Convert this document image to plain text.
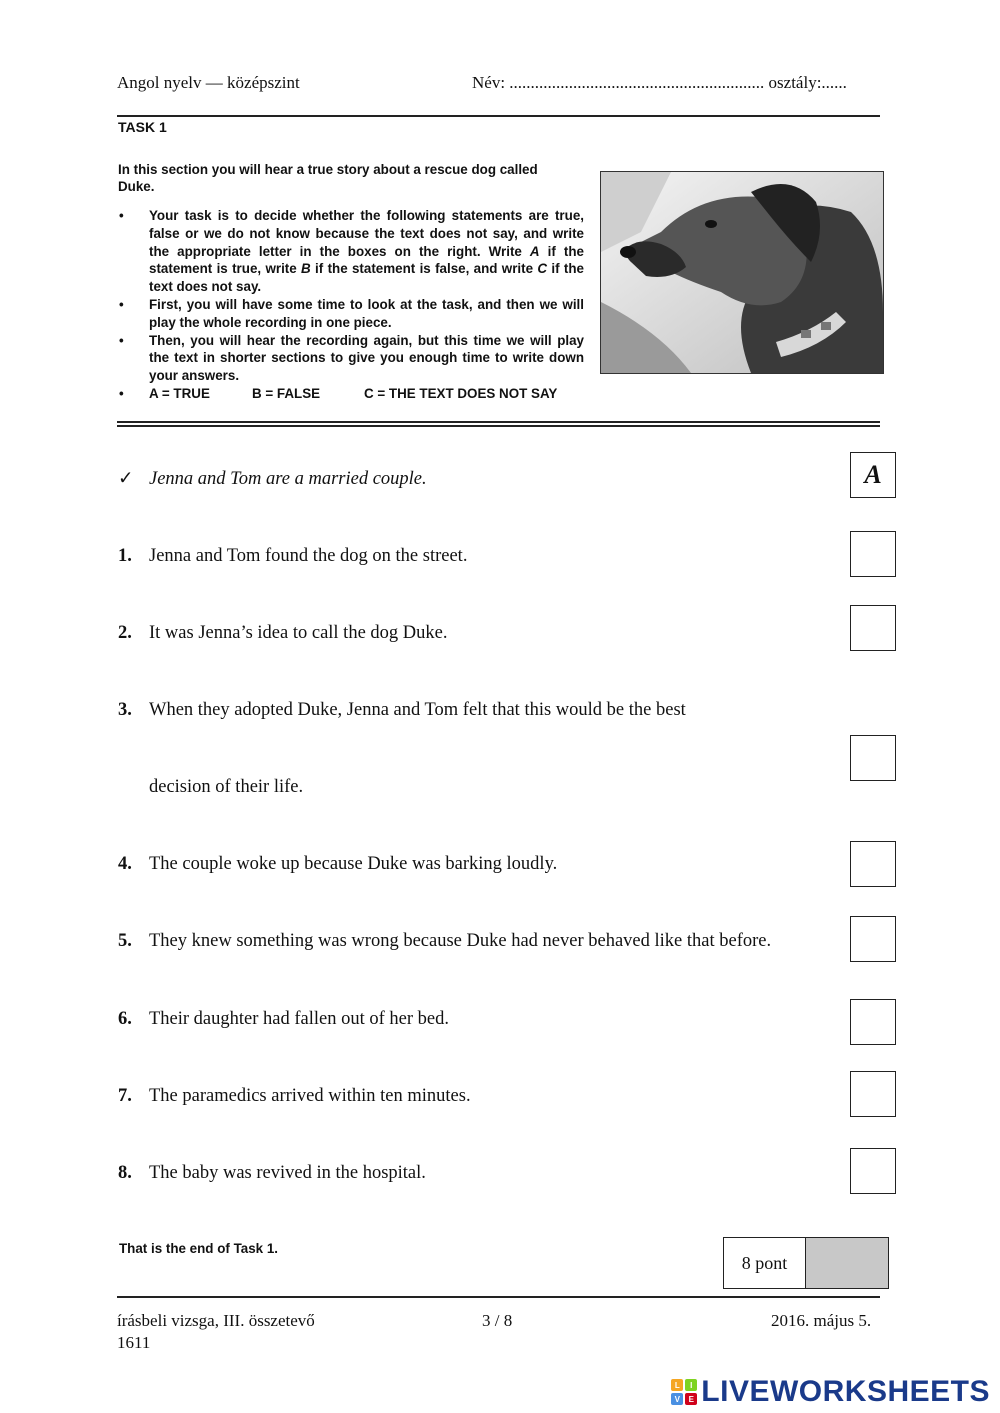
Angol nyelv — középszint	Név: ............................................................ osztály:......
TASK 1
In this section you will hear a true story about a rescue dog called Duke.
• Your task is to decide whether the following statements are true, false or we do not know because the text does not say, and write the appropriate letter in the boxes on the right. Write A if the statement is true, write B if the statement is false, and write C if the text does not say.
• First, you will have some time to look at the task, and then we will play the whole recording in one piece.
• Then, you will hear the recording again, but this time we will play the text in shorter sections to give you enough time to write down your answers.
• A = TRUE	B = FALSE	C = THE TEXT DOES NOT SAY
✓ Jenna and Tom are a married couple.	A
1. Jenna and Tom found the dog on the street.
2. It was Jenna’s idea to call the dog Duke.
3. When they adopted Duke, Jenna and Tom felt that this would be the best
decision of their life.
4. The couple woke up because Duke was barking loudly.
5. They knew something was wrong because Duke had never behaved like that before.
6. Their daughter had fallen out of her bed.
7. The paramedics arrived within ten minutes.
8. The baby was revived in the hospital.
That is the end of Task 1.
8 pont
írásbeli vizsga, III. összetevő
1611
3 / 8	2016. május 5.
L	I
V	E LIVEWORKSHEETS
